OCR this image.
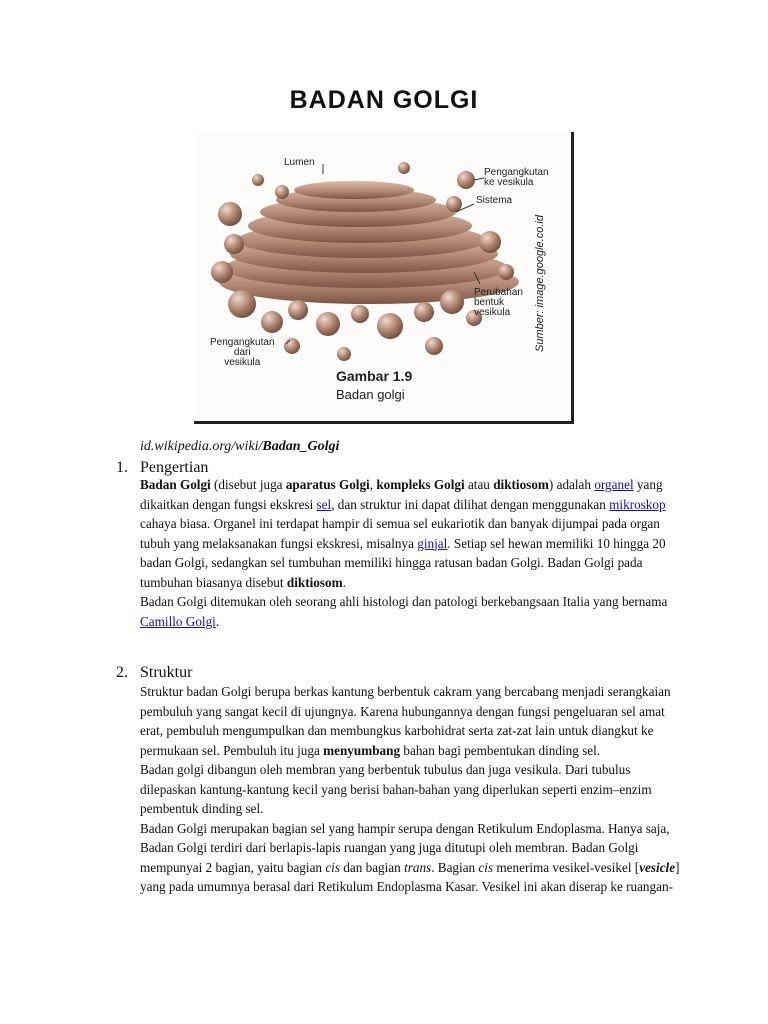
BADAN GOLGI
Lumen
Pengangkutan
ke vesikula
Sistema
Perubahan
bentuk
vesikula
Pengangkutan
dari
vesikula
Gambar 1.9
Badan golgi
Sumber: image.google.co.id
id.wikipedia.org/wiki/Badan_Golgi
1. Pengertian

Badan Golgi (disebut juga aparatus Golgi, kompleks Golgi atau diktiosom) adalah organel yang dikaitkan dengan fungsi ekskresi sel, dan struktur ini dapat dilihat dengan menggunakan mikroskop cahaya biasa. Organel ini terdapat hampir di semua sel eukariotik dan banyak dijumpai pada organ tubuh yang melaksanakan fungsi ekskresi, misalnya ginjal. Setiap sel hewan memiliki 10 hingga 20 badan Golgi, sedangkan sel tumbuhan memiliki hingga ratusan badan Golgi. Badan Golgi pada tumbuhan biasanya disebut diktiosom.

Badan Golgi ditemukan oleh seorang ahli histologi dan patologi berkebangsaan Italia yang bernama Camillo Golgi.

2. Struktur

Struktur badan Golgi berupa berkas kantung berbentuk cakram yang bercabang menjadi serangkaian pembuluh yang sangat kecil di ujungnya. Karena hubungannya dengan fungsi pengeluaran sel amat erat, pembuluh mengumpulkan dan membungkus karbohidrat serta zat-zat lain untuk diangkut ke permukaan sel. Pembuluh itu juga menyumbang bahan bagi pembentukan dinding sel.

Badan golgi dibangun oleh membran yang berbentuk tubulus dan juga vesikula. Dari tubulus dilepaskan kantung-kantung kecil yang berisi bahan-bahan yang diperlukan seperti enzim–enzim pembentuk dinding sel.

Badan Golgi merupakan bagian sel yang hampir serupa dengan Retikulum Endoplasma. Hanya saja, Badan Golgi terdiri dari berlapis-lapis ruangan yang juga ditutupi oleh membran. Badan Golgi mempunyai 2 bagian, yaitu bagian cis dan bagian trans. Bagian cis menerima vesikel-vesikel [vesicle] yang pada umumnya berasal dari Retikulum Endoplasma Kasar. Vesikel ini akan diserap ke ruangan-
